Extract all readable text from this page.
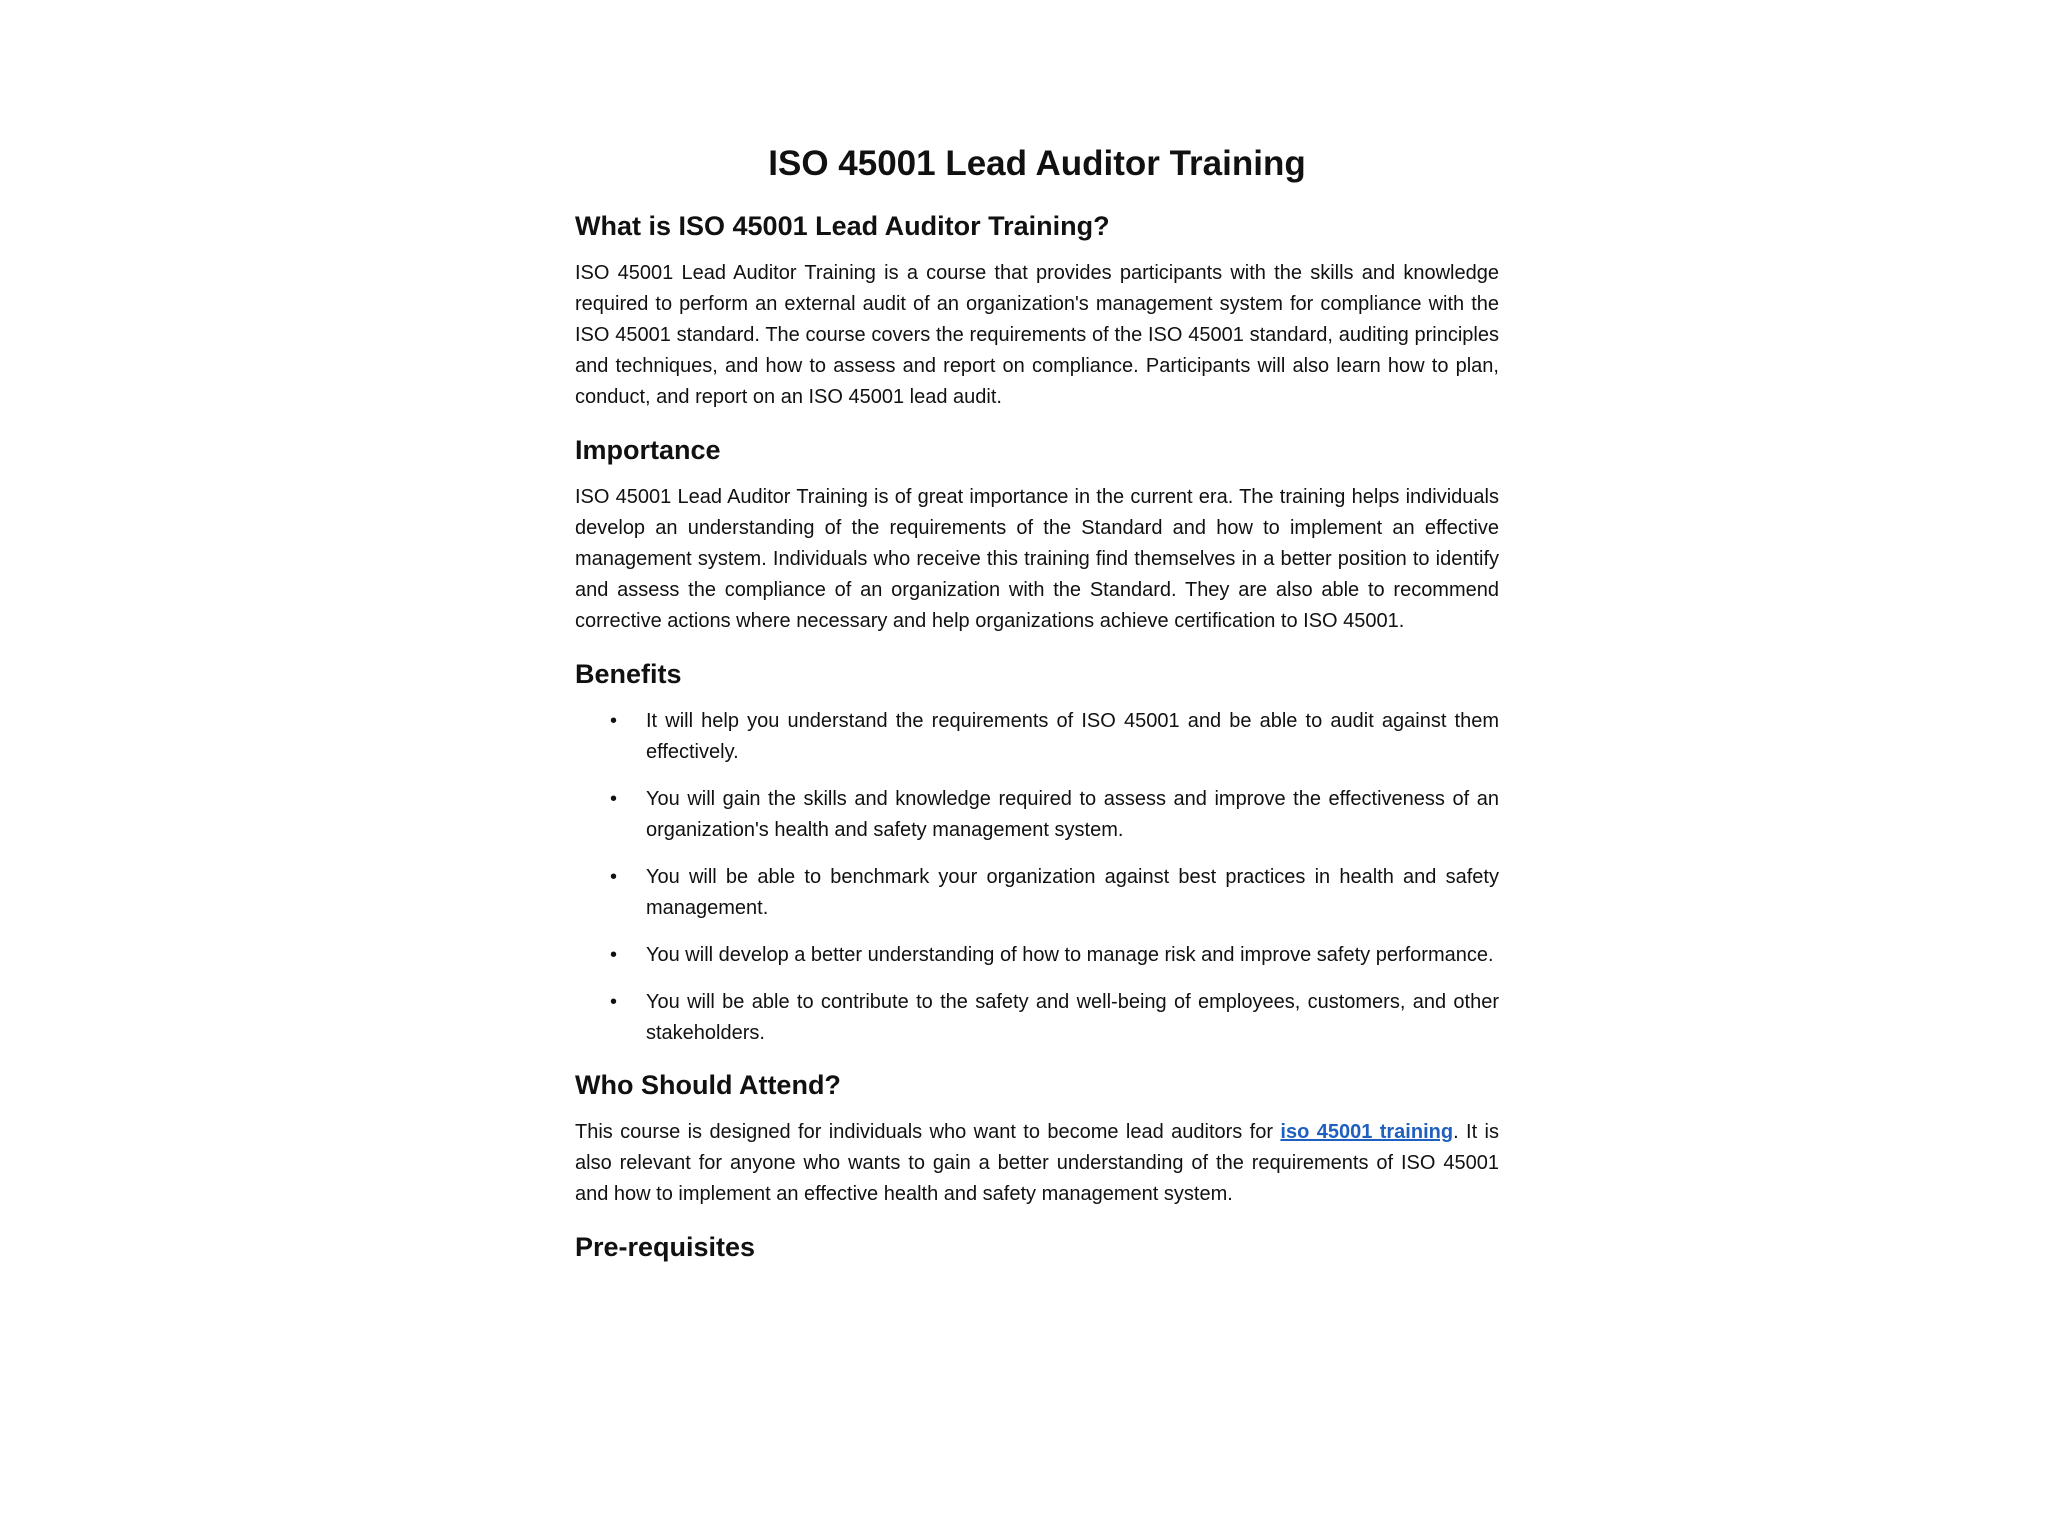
ISO 45001 Lead Auditor Training
What is ISO 45001 Lead Auditor Training?

ISO 45001 Lead Auditor Training is a course that provides participants with the skills and knowledge required to perform an external audit of an organization's management system for compliance with the ISO 45001 standard. The course covers the requirements of the ISO 45001 standard, auditing principles and techniques, and how to assess and report on compliance. Participants will also learn how to plan, conduct, and report on an ISO 45001 lead audit.

Importance

ISO 45001 Lead Auditor Training is of great importance in the current era. The training helps individuals develop an understanding of the requirements of the Standard and how to implement an effective management system. Individuals who receive this training find themselves in a better position to identify and assess the compliance of an organization with the Standard. They are also able to recommend corrective actions where necessary and help organizations achieve certification to ISO 45001.

Benefits
• It will help you understand the requirements of ISO 45001 and be able to audit against them effectively.
• You will gain the skills and knowledge required to assess and improve the effectiveness of an organization's health and safety management system.
• You will be able to benchmark your organization against best practices in health and safety management.
• You will develop a better understanding of how to manage risk and improve safety performance.
• You will be able to contribute to the safety and well-being of employees, customers, and other stakeholders.
Who Should Attend?

This course is designed for individuals who want to become lead auditors for iso 45001 training. It is also relevant for anyone who wants to gain a better understanding of the requirements of ISO 45001 and how to implement an effective health and safety management system.

Pre-requisites
